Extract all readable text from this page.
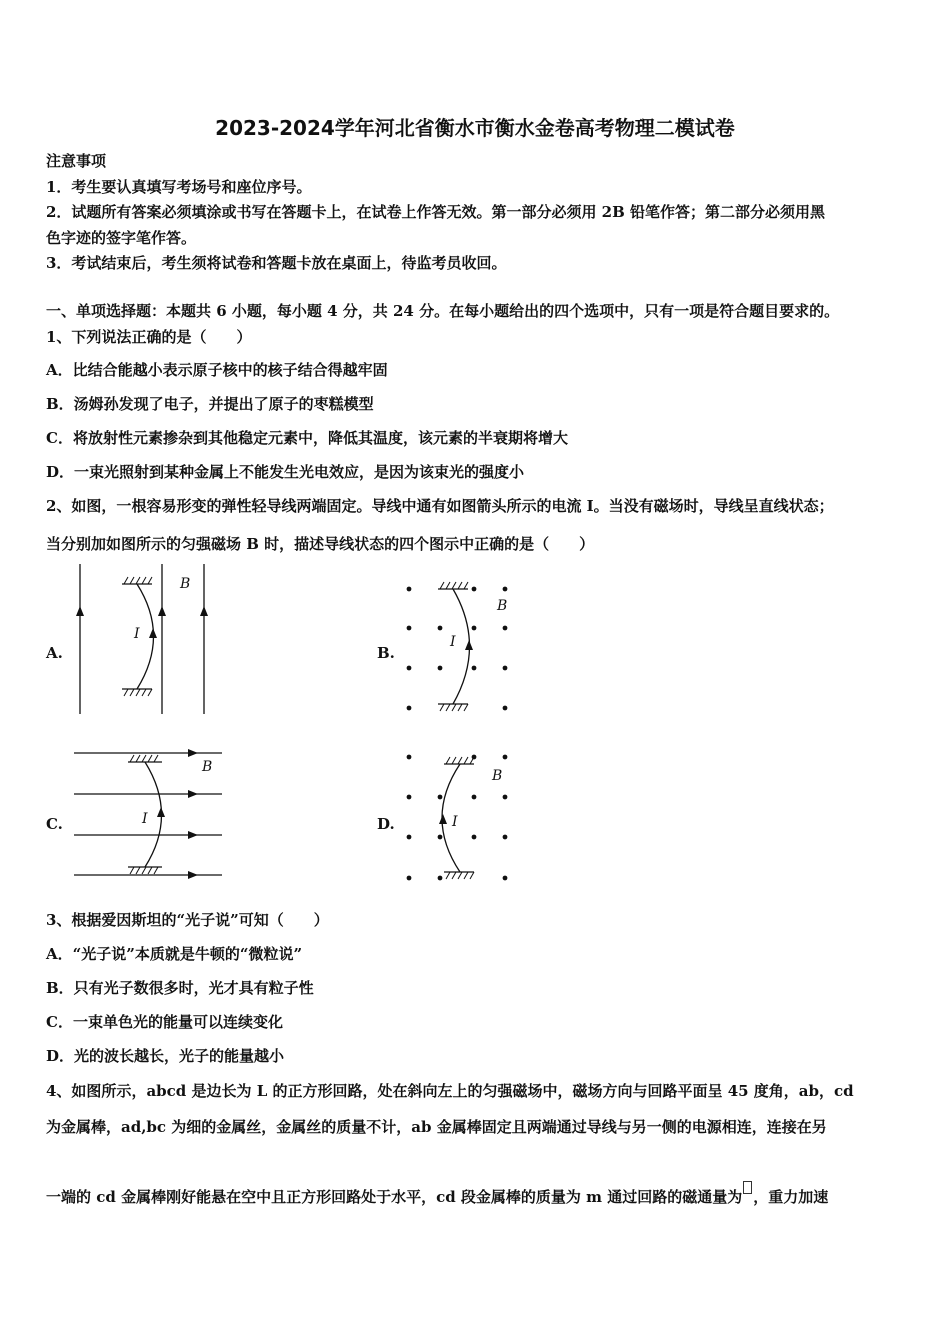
2023-2024学年河北省衡水市衡水金卷高考物理二模试卷
注意事项
1．考生要认真填写考场号和座位序号。
2．试题所有答案必须填涂或书写在答题卡上，在试卷上作答无效。第一部分必须用 2B 铅笔作答；第二部分必须用黑
色字迹的签字笔作答。
3．考试结束后，考生须将试卷和答题卡放在桌面上，待监考员收回。
一、单项选择题：本题共 6 小题，每小题 4 分，共 24 分。在每小题给出的四个选项中，只有一项是符合题目要求的。
1、下列说法正确的是（　　）
A．比结合能越小表示原子核中的核子结合得越牢固
B．汤姆孙发现了电子，并提出了原子的枣糕模型
C．将放射性元素掺杂到其他稳定元素中，降低其温度，该元素的半衰期将增大
D．一束光照射到某种金属上不能发生光电效应，是因为该束光的强度小
2、如图，一根容易形变的弹性轻导线两端固定。导线中通有如图箭头所示的电流 I。当没有磁场时，导线呈直线状态；
当分别加如图所示的匀强磁场 B 时，描述导线状态的四个图示中正确的是（　　）
A.	B.
C.	D.
B
I
B
I
B
I
B
I
3、根据爱因斯坦的“光子说”可知（　　）
A．“光子说”本质就是牛顿的“微粒说”
B．只有光子数很多时，光才具有粒子性
C．一束单色光的能量可以连续变化
D．光的波长越长，光子的能量越小
4、如图所示，abcd 是边长为 L 的正方形回路，处在斜向左上的匀强磁场中，磁场方向与回路平面呈 45 度角，ab，cd
为金属棒，ad,bc 为细的金属丝，金属丝的质量不计，ab 金属棒固定且两端通过导线与另一侧的电源相连，连接在另
一端的 cd 金属棒刚好能悬在空中且正方形回路处于水平，cd 段金属棒的质量为 m 通过回路的磁通量为 ，重力加速
